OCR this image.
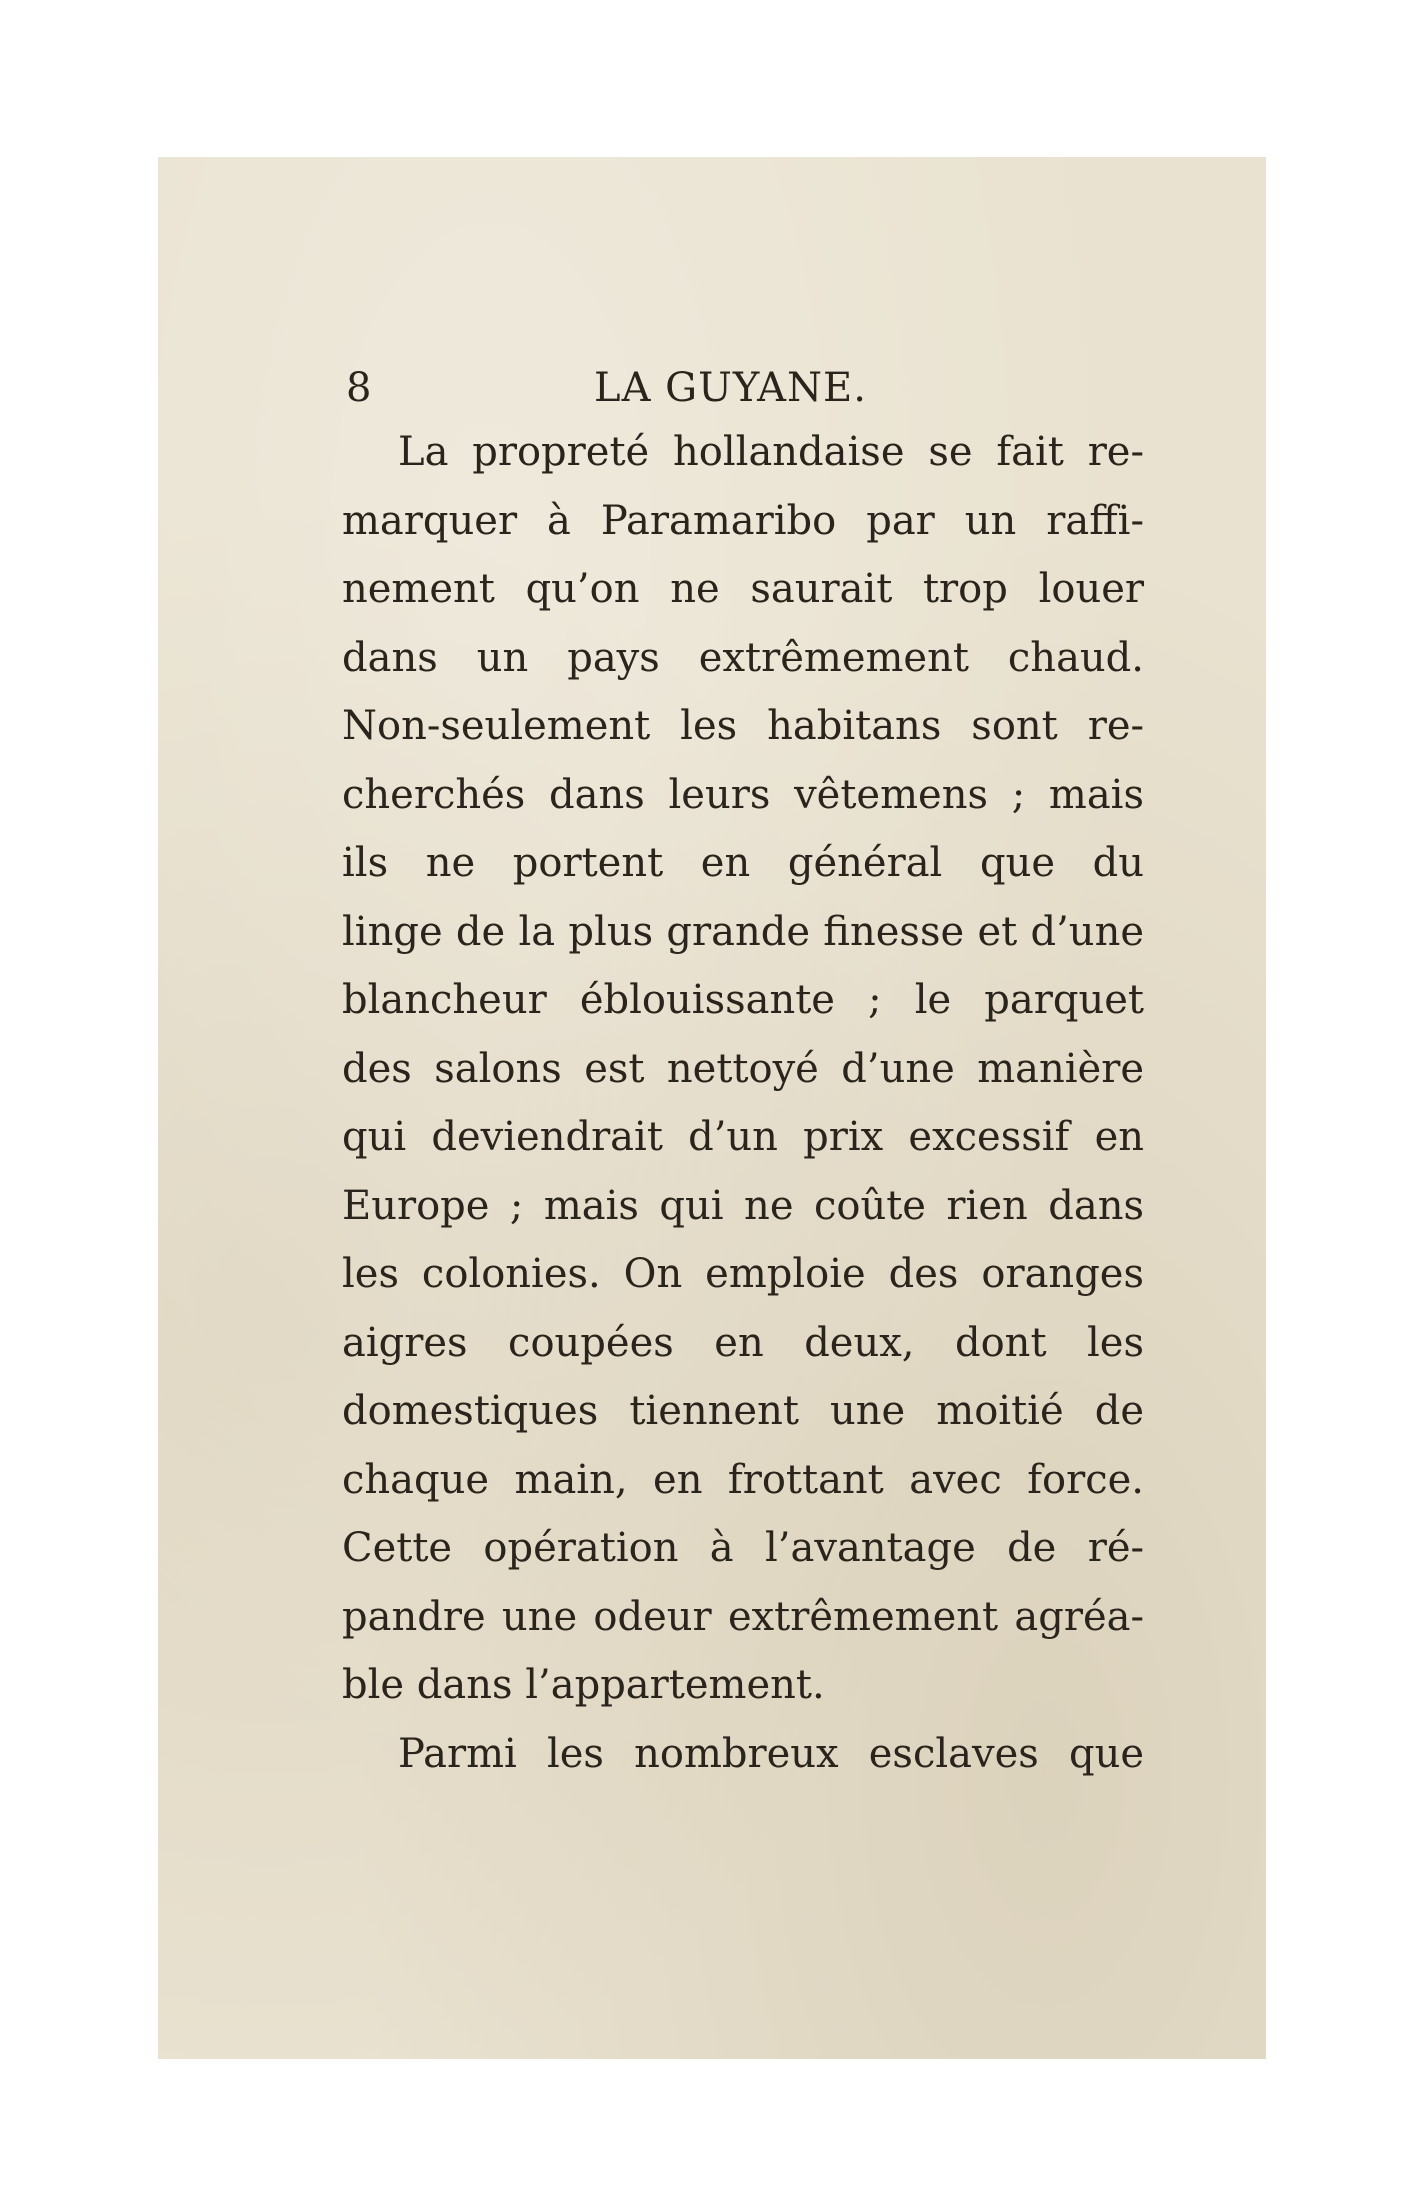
8	LA GUYANE.
La propreté hollandaise se fait re-
marquer à Paramaribo par un raffi-
nement qu’on ne saurait trop louer
dans un pays extrêmement chaud.
Non-seulement les habitans sont re-
cherchés dans leurs vêtemens ; mais
ils ne portent en général que du
linge de la plus grande finesse et d’une
blancheur éblouissante ; le parquet
des salons est nettoyé d’une manière
qui deviendrait d’un prix excessif en
Europe ; mais qui ne coûte rien dans
les colonies. On emploie des oranges
aigres coupées en deux, dont les
domestiques tiennent une moitié de
chaque main, en frottant avec force.
Cette opération à l’avantage de ré-
pandre une odeur extrêmement agréa-
ble dans l’appartement.
Parmi les nombreux esclaves que
